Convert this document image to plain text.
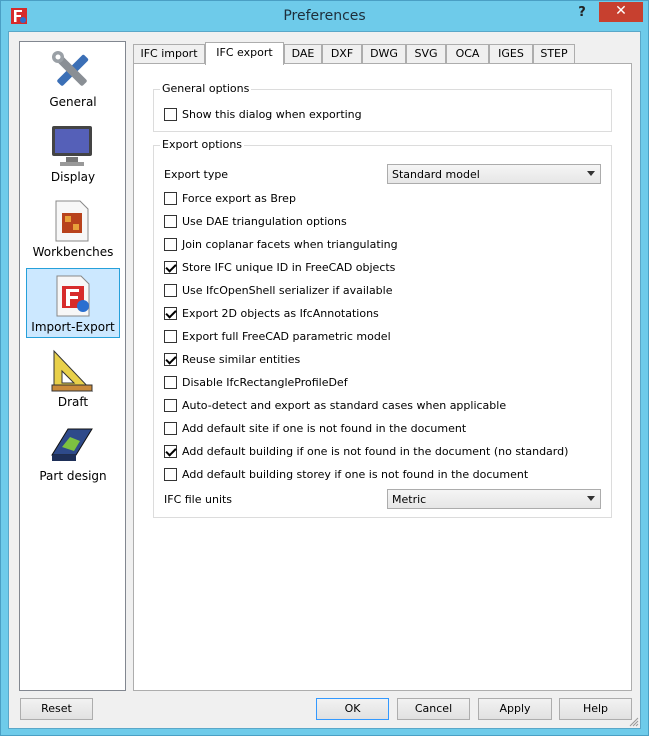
Preferences	?	✕
General
Display
Workbenches
Import-Export
Draft
Part design
IFC import	IFC export	DAE	DXF	DWG	SVG	OCA	IGES	STEP
General options
Show this dialog when exporting
Export options
Export type	Standard model
Force export as Brep
Use DAE triangulation options
Join coplanar facets when triangulating
Store IFC unique ID in FreeCAD objects
Use IfcOpenShell serializer if available
Export 2D objects as IfcAnnotations
Export full FreeCAD parametric model
Reuse similar entities
Disable IfcRectangleProfileDef
Auto-detect and export as standard cases when applicable
Add default site if one is not found in the document
Add default building if one is not found in the document (no standard)
Add default building storey if one is not found in the document
IFC file units	Metric
Reset	OK	Cancel	Apply	Help
